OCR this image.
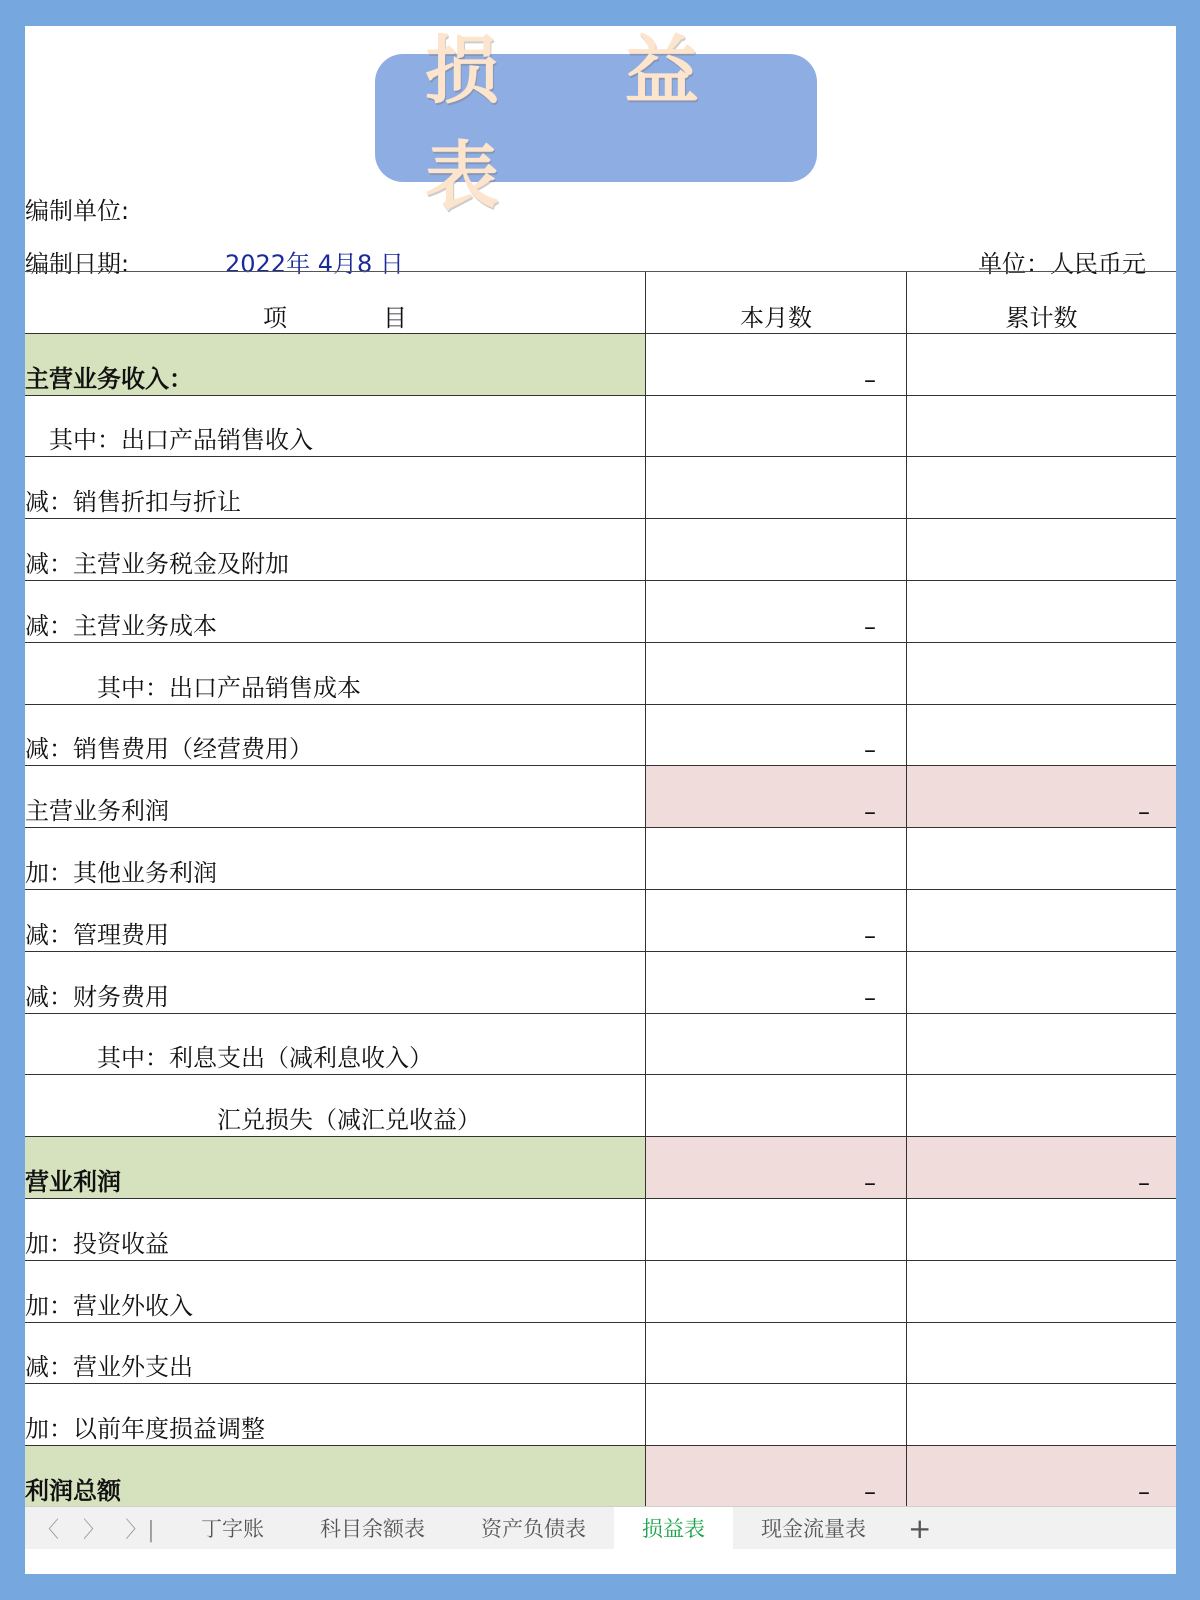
损 益 表
编制单位:
编制日期:	2022年 4月8 日	单位：人民币元
项　　　　目	本月数	累计数
主营业务收入：	–
　其中：出口产品销售收入
减：销售折扣与折让
减：主营业务税金及附加
减：主营业务成本	–
　　　其中：出口产品销售成本
减：销售费用（经营费用）	–
主营业务利润	–	–
加：其他业务利润
减：管理费用	–
减：财务费用	–
　　　其中：利息支出（减利息收入）
　　　　　　　　汇兑损失（减汇兑收益）
营业利润	–	–
加：投资收益
加：营业外收入
减：营业外支出
加：以前年度损益调整
利润总额	–	–
〈	〉 〉|	丁字账	科目余额表	资产负债表	损益表	现金流量表	+
